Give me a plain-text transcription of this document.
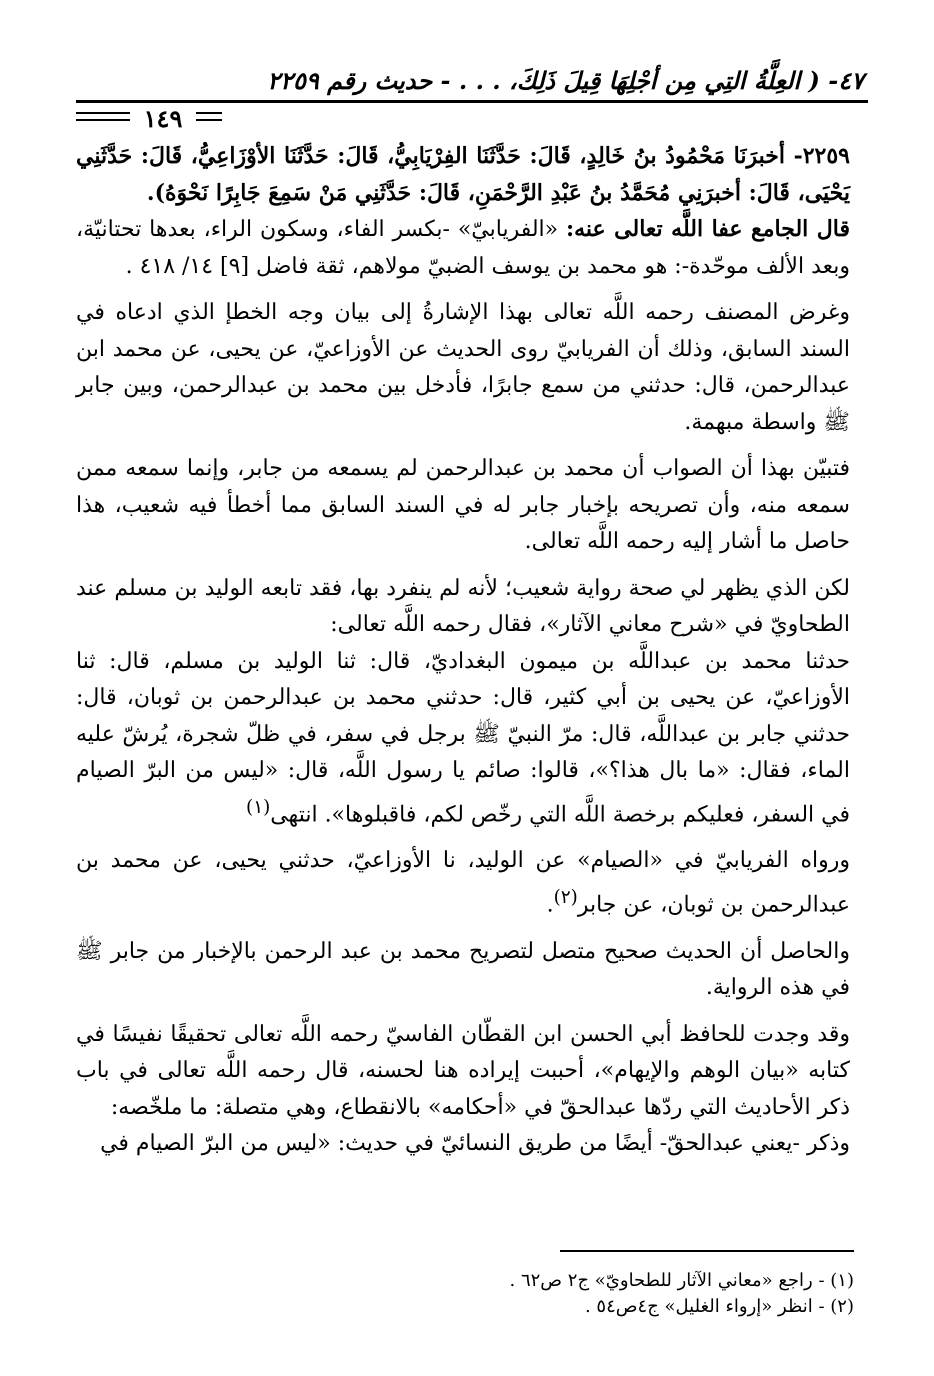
٤٧- ( العِلَّةُ التِي مِن أجْلِهَا قِيلَ ذَلِكَ، . . . - حديث رقم ٢٢٥٩
١٤٩

٢٢٥٩- أخبرَنَا مَحْمُودُ بنُ خَالِدٍ، قَالَ: حَدَّثَنَا الفِرْيَابِيُّ، قَالَ: حَدَّثَنَا الأوْزَاعِيُّ، قَالَ: حَدَّثَنِي يَحْيَى، قَالَ: أخبرَنِي مُحَمَّدُ بنُ عَبْدِ الرَّحْمَنِ، قَالَ: حَدَّثَنِي مَنْ سَمِعَ جَابِرًا نَحْوَهُ).

قال الجامع عفا اللَّه تعالى عنه: «الفريابيّ» -بكسر الفاء، وسكون الراء، بعدها تحتانيّة، وبعد الألف موحّدة-: هو محمد بن يوسف الضبيّ مولاهم، ثقة فاضل [٩] ١٤/ ٤١٨ .

وغرض المصنف رحمه اللَّه تعالى بهذا الإشارةُ إلى بيان وجه الخطإ الذي ادعاه في السند السابق، وذلك أن الفريابيّ روى الحديث عن الأوزاعيّ، عن يحيى، عن محمد ابن عبدالرحمن، قال: حدثني من سمع جابرًا، فأدخل بين محمد بن عبدالرحمن، وبين جابر ﷺ واسطة مبهمة.

فتبيّن بهذا أن الصواب أن محمد بن عبدالرحمن لم يسمعه من جابر، وإنما سمعه ممن سمعه منه، وأن تصريحه بإخبار جابر له في السند السابق مما أخطأ فيه شعيب، هذا حاصل ما أشار إليه رحمه اللَّه تعالى.

لكن الذي يظهر لي صحة رواية شعيب؛ لأنه لم ينفرد بها، فقد تابعه الوليد بن مسلم عند الطحاويّ في «شرح معاني الآثار»، فقال رحمه اللَّه تعالى:

حدثنا محمد بن عبداللَّه بن ميمون البغداديّ، قال: ثنا الوليد بن مسلم، قال: ثنا الأوزاعيّ، عن يحيى بن أبي كثير، قال: حدثني محمد بن عبدالرحمن بن ثوبان، قال: حدثني جابر بن عبداللَّه، قال: مرّ النبيّ ﷺ برجل في سفر، في ظلّ شجرة، يُرشّ عليه الماء، فقال: «ما بال هذا؟»، قالوا: صائم يا رسول اللَّه، قال: «ليس من البرّ الصيام في السفر، فعليكم برخصة اللَّه التي رخّص لكم، فاقبلوها». انتهى$^{(١)}$

ورواه الفريابيّ في «الصيام» عن الوليد، نا الأوزاعيّ، حدثني يحيى، عن محمد بن عبدالرحمن بن ثوبان، عن جابر$^{(٢)}$.

والحاصل أن الحديث صحيح متصل لتصريح محمد بن عبد الرحمن بالإخبار من جابر ﷺ في هذه الرواية.

وقد وجدت للحافظ أبي الحسن ابن القطّان الفاسيّ رحمه اللَّه تعالى تحقيقًا نفيسًا في كتابه «بيان الوهم والإيهام»، أحببت إيراده هنا لحسنه، قال رحمه اللَّه تعالى في باب ذكر الأحاديث التي ردّها عبدالحقّ في «أحكامه» بالانقطاع، وهي متصلة: ما ملخّصه:

وذكر -يعني عبدالحقّ- أيضًا من طريق النسائيّ في حديث: «ليس من البرّ الصيام في

(١) - راجع «معاني الآثار للطحاويّ» ج٢ ص٦٢ .
(٢) - انظر «إرواء الغليل» ج٤ص٥٤ .
